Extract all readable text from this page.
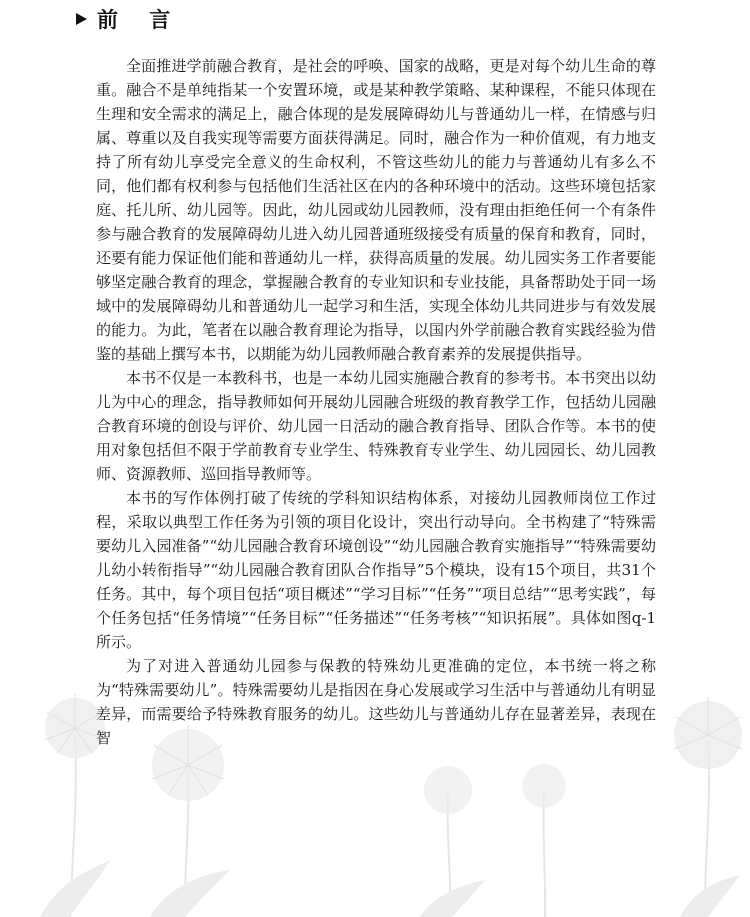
前 言

全面推进学前融合教育，是社会的呼唤、国家的战略，更是对每个幼儿生命的尊重。融合不是单纯指某一个安置环境，或是某种教学策略、某种课程，不能只体现在生理和安全需求的满足上，融合体现的是发展障碍幼儿与普通幼儿一样，在情感与归属、尊重以及自我实现等需要方面获得满足。同时，融合作为一种价值观，有力地支持了所有幼儿享受完全意义的生命权利，不管这些幼儿的能力与普通幼儿有多么不同，他们都有权利参与包括他们生活社区在内的各种环境中的活动。这些环境包括家庭、托儿所、幼儿园等。因此，幼儿园或幼儿园教师，没有理由拒绝任何一个有条件参与融合教育的发展障碍幼儿进入幼儿园普通班级接受有质量的保育和教育，同时，还要有能力保证他们能和普通幼儿一样，获得高质量的发展。幼儿园实务工作者要能够坚定融合教育的理念，掌握融合教育的专业知识和专业技能，具备帮助处于同一场域中的发展障碍幼儿和普通幼儿一起学习和生活，实现全体幼儿共同进步与有效发展的能力。为此，笔者在以融合教育理论为指导，以国内外学前融合教育实践经验为借鉴的基础上撰写本书，以期能为幼儿园教师融合教育素养的发展提供指导。

本书不仅是一本教科书，也是一本幼儿园实施融合教育的参考书。本书突出以幼儿为中心的理念，指导教师如何开展幼儿园融合班级的教育教学工作，包括幼儿园融合教育环境的创设与评价、幼儿园一日活动的融合教育指导、团队合作等。本书的使用对象包括但不限于学前教育专业学生、特殊教育专业学生、幼儿园园长、幼儿园教师、资源教师、巡回指导教师等。

本书的写作体例打破了传统的学科知识结构体系，对接幼儿园教师岗位工作过程，采取以典型工作任务为引领的项目化设计，突出行动导向。全书构建了“特殊需要幼儿入园准备”“幼儿园融合教育环境创设”“幼儿园融合教育实施指导”“特殊需要幼儿幼小转衔指导”“幼儿园融合教育团队合作指导”5个模块，设有15个项目，共31个任务。其中，每个项目包括“项目概述”“学习目标”“任务”“项目总结”“思考实践”，每个任务包括“任务情境”“任务目标”“任务描述”“任务考核”“知识拓展”。具体如图q-1所示。

为了对进入普通幼儿园参与保教的特殊幼儿更准确的定位，本书统一将之称为“特殊需要幼儿”。特殊需要幼儿是指因在身心发展或学习生活中与普通幼儿有明显差异，而需要给予特殊教育服务的幼儿。这些幼儿与普通幼儿存在显著差异，表现在智
